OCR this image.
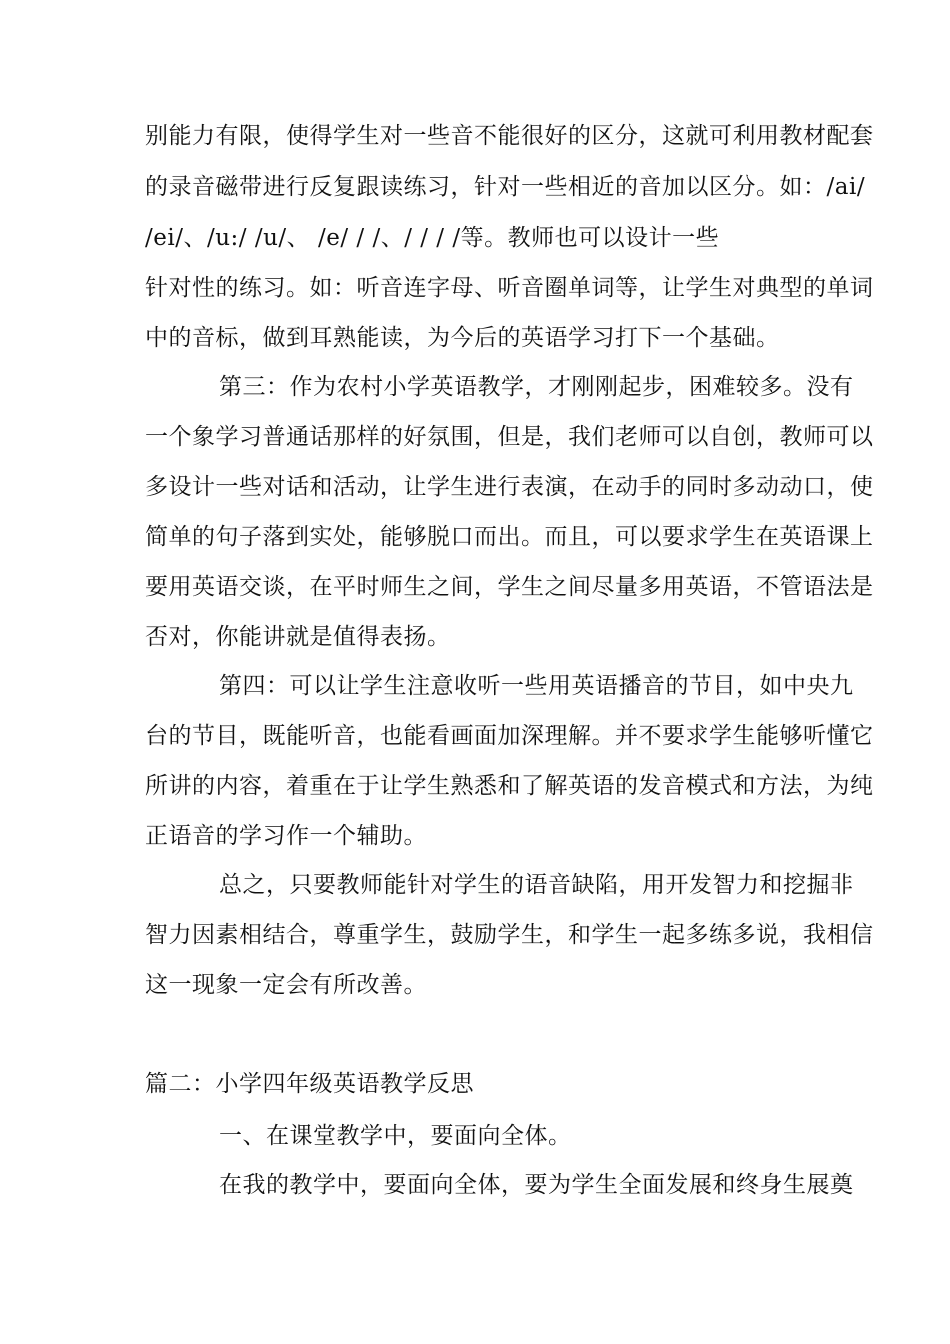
别能力有限，使得学生对一些音不能很好的区分，这就可利用教材配套
的录音磁带进行反复跟读练习，针对一些相近的音加以区分。如：/ai/
/ei/、/u:/ /u/、 /e/ / /、/ / / /等。教师也可以设计一些
针对性的练习。如：听音连字母、听音圈单词等，让学生对典型的单词
中的音标，做到耳熟能读，为今后的英语学习打下一个基础。
第三：作为农村小学英语教学，才刚刚起步，困难较多。没有
一个象学习普通话那样的好氛围，但是，我们老师可以自创，教师可以
多设计一些对话和活动，让学生进行表演，在动手的同时多动动口，使
简单的句子落到实处，能够脱口而出。而且，可以要求学生在英语课上
要用英语交谈，在平时师生之间，学生之间尽量多用英语，不管语法是
否对，你能讲就是值得表扬。
第四：可以让学生注意收听一些用英语播音的节目，如中央九
台的节目，既能听音，也能看画面加深理解。并不要求学生能够听懂它
所讲的内容，着重在于让学生熟悉和了解英语的发音模式和方法，为纯
正语音的学习作一个辅助。
总之，只要教师能针对学生的语音缺陷，用开发智力和挖掘非
智力因素相结合，尊重学生，鼓励学生，和学生一起多练多说，我相信
这一现象一定会有所改善。
篇二：小学四年级英语教学反思
一、在课堂教学中，要面向全体。
在我的教学中，要面向全体，要为学生全面发展和终身生展奠
